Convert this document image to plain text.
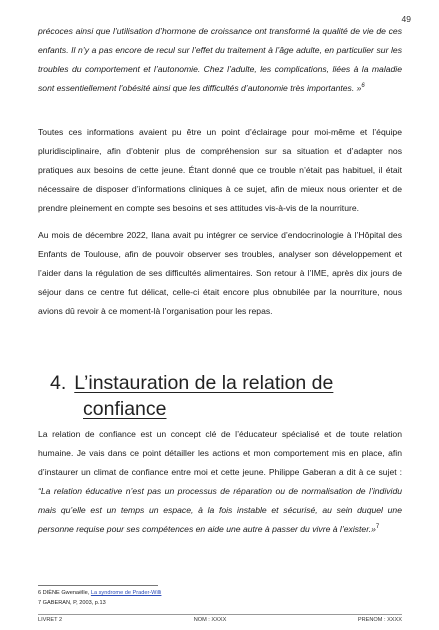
49

précoces ainsi que l’utilisation d’hormone de croissance ont transformé la qualité de vie de ces enfants. Il n’y a pas encore de recul sur l’effet du traitement à l’âge adulte, en particulier sur les troubles du comportement et l’autonomie. Chez l’adulte, les complications, liées à la maladie sont essentiellement l’obésité ainsi que les difficultés d’autonomie très importantes. »$^6$

Toutes ces informations avaient pu être un point d’éclairage pour moi-même et l’équipe pluridisciplinaire, afin d’obtenir plus de compréhension sur sa situation et d’adapter nos pratiques aux besoins de cette jeune. Étant donné que ce trouble n’était pas habituel, il était nécessaire de disposer d’informations cliniques à ce sujet, afin de mieux nous orienter et de prendre pleinement en compte ses besoins et ses attitudes vis-à-vis de la nourriture.

Au mois de décembre 2022, Ilana avait pu intégrer ce service d’endocrinologie à l’Hôpital des Enfants de Toulouse, afin de pouvoir observer ses troubles, analyser son développement et l’aider dans la régulation de ses difficultés alimentaires. Son retour à l’IME, après dix jours de séjour dans ce centre fut délicat, celle-ci était encore plus obnubilée par la nourriture, nous avions dû revoir à ce moment-là l’organisation pour les repas.

4. L’instauration de la relation de
confiance

La relation de confiance est un concept clé de l’éducateur spécialisé et de toute relation humaine. Je vais dans ce point détailler les actions et mon comportement mis en place, afin d’instaurer un climat de confiance entre moi et cette jeune. Philippe Gaberan a dit à ce sujet : “La relation éducative n’est pas un processus de réparation ou de normalisation de l’individu mais qu’elle est un temps un espace, à la fois instable et sécurisé, au sein duquel une personne requise pour ses compétences en aide une autre à passer du vivre à l’exister.»$^7$

6 DIÈNE Gwenaëlle, La syndrome de Prader-Willi
7 GABERAN, P, 2003, p.13
LIVRET 2	NOM : XXXX	PRENOM : XXXX
